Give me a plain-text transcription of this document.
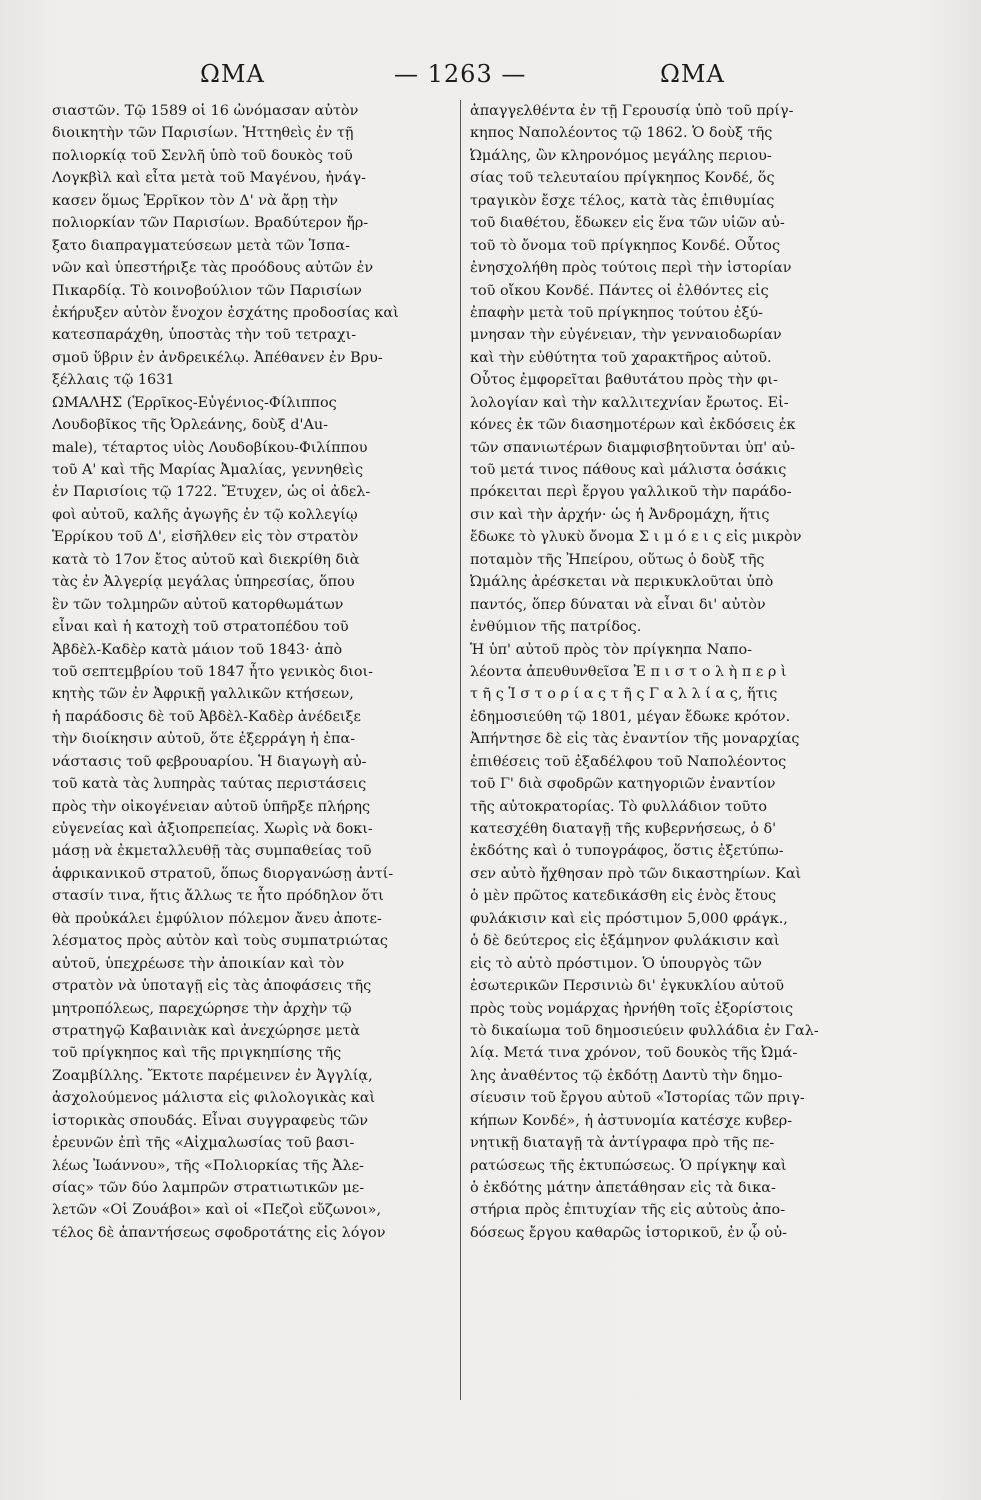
ΩΜΑ	— 1263 —	ΩΜΑ
σιαστῶν. Τῷ 1589 οἱ 16 ὠνόμασαν αὐτὸν
διοικητὴν τῶν Παρισίων. Ἡττηθεὶς ἐν τῇ
πολιορκίᾳ τοῦ Σενλῆ ὑπὸ τοῦ δουκὸς τοῦ
Λογκβὶλ καὶ εἶτα μετὰ τοῦ Μαγένου, ἠνάγ-
κασεν ὅμως Ἑρρῖκον τὸν Δ' νὰ ἄρῃ τὴν
πολιορκίαν τῶν Παρισίων. Βραδύτερον ἤρ-
ξατο διαπραγματεύσεων μετὰ τῶν Ἱσπα-
νῶν καὶ ὑπεστήριξε τὰς προόδους αὐτῶν ἐν
Πικαρδίᾳ. Τὸ κοινοβούλιον τῶν Παρισίων
ἐκήρυξεν αὐτὸν ἔνοχον ἐσχάτης προδοσίας καὶ
κατεσπαράχθη, ὑποστὰς τὴν τοῦ τετραχι-
σμοῦ ὕβριν ἐν ἀνδρεικέλῳ. Ἀπέθανεν ἐν Βρυ-
ξέλλαις τῷ 1631
ΩΜΑΛΗΣ (Ἑρρῖκος-Εὐγένιος-Φίλιππος
Λουδοβῖκος τῆς Ὀρλεάνης, δοὺξ d'Au-
male), τέταρτος υἱὸς Λουδοβίκου-Φιλίππου
τοῦ Α' καὶ τῆς Μαρίας Ἀμαλίας, γεννηθεὶς
ἐν Παρισίοις τῷ 1722. Ἔτυχεν, ὡς οἱ ἀδελ-
φοὶ αὐτοῦ, καλῆς ἀγωγῆς ἐν τῷ κολλεγίῳ
Ἑρρίκου τοῦ Δ', εἰσῆλθεν εἰς τὸν στρατὸν
κατὰ τὸ 17ον ἔτος αὐτοῦ καὶ διεκρίθη διὰ
τὰς ἐν Ἀλγερίᾳ μεγάλας ὑπηρεσίας, ὅπου
ἓν τῶν τολμηρῶν αὐτοῦ κατορθωμάτων
εἶναι καὶ ἡ κατοχὴ τοῦ στρατοπέδου τοῦ
Ἀβδὲλ-Καδὲρ κατὰ μάιον τοῦ 1843· ἀπὸ
τοῦ σεπτεμβρίου τοῦ 1847 ἦτο γενικὸς διοι-
κητὴς τῶν ἐν Ἀφρικῇ γαλλικῶν κτήσεων,
ἡ παράδοσις δὲ τοῦ Ἀβδὲλ-Καδὲρ ἀνέδειξε
τὴν διοίκησιν αὐτοῦ, ὅτε ἐξερράγη ἡ ἐπα-
νάστασις τοῦ φεβρουαρίου. Ἡ διαγωγὴ αὐ-
τοῦ κατὰ τὰς λυπηρὰς ταύτας περιστάσεις
πρὸς τὴν οἰκογένειαν αὐτοῦ ὑπῆρξε πλήρης
εὐγενείας καὶ ἀξιοπρεπείας. Χωρὶς νὰ δοκι-
μάσῃ νὰ ἐκμεταλλευθῇ τὰς συμπαθείας τοῦ
ἀφρικανικοῦ στρατοῦ, ὅπως διοργανώσῃ ἀντί-
στασίν τινα, ἥτις ἄλλως τε ἦτο πρόδηλον ὅτι
θὰ προὐκάλει ἐμφύλιον πόλεμον ἄνευ ἀποτε-
λέσματος πρὸς αὐτὸν καὶ τοὺς συμπατριώτας
αὐτοῦ, ὑπεχρέωσε τὴν ἀποικίαν καὶ τὸν
στρατὸν νὰ ὑποταγῇ εἰς τὰς ἀποφάσεις τῆς
μητροπόλεως, παρεχώρησε τὴν ἀρχὴν τῷ
στρατηγῷ Καβαινιὰκ καὶ ἀνεχώρησε μετὰ
τοῦ πρίγκηπος καὶ τῆς πριγκηπίσης τῆς
Ζοαμβίλλης. Ἔκτοτε παρέμεινεν ἐν Ἀγγλίᾳ,
ἀσχολούμενος μάλιστα εἰς φιλολογικὰς καὶ
ἱστορικὰς σπουδάς. Εἶναι συγγραφεὺς τῶν
ἐρευνῶν ἐπὶ τῆς «Αἰχμαλωσίας τοῦ βασι-
λέως Ἰωάννου», τῆς «Πολιορκίας τῆς Ἀλε-
σίας» τῶν δύο λαμπρῶν στρατιωτικῶν με-
λετῶν «Οἱ Ζουάβοι» καὶ οἱ «Πεζοὶ εὔζωνοι»,
τέλος δὲ ἀπαντήσεως σφοδροτάτης εἰς λόγον
ἀπαγγελθέντα ἐν τῇ Γερουσίᾳ ὑπὸ τοῦ πρίγ-
κηπος Ναπολέοντος τῷ 1862. Ὁ δοὺξ τῆς
Ὠμάλης, ὢν κληρονόμος μεγάλης περιου-
σίας τοῦ τελευταίου πρίγκηπος Κονδέ, ὅς
τραγικὸν ἔσχε τέλος, κατὰ τὰς ἐπιθυμίας
τοῦ διαθέτου, ἔδωκεν εἰς ἕνα τῶν υἱῶν αὐ-
τοῦ τὸ ὄνομα τοῦ πρίγκηπος Κονδέ. Οὗτος
ἐνησχολήθη πρὸς τούτοις περὶ τὴν ἱστορίαν
τοῦ οἴκου Κονδέ. Πάντες οἱ ἐλθόντες εἰς
ἐπαφὴν μετὰ τοῦ πρίγκηπος τούτου ἐξύ-
μνησαν τὴν εὐγένειαν, τὴν γενναιοδωρίαν
καὶ τὴν εὐθύτητα τοῦ χαρακτῆρος αὐτοῦ.
Οὗτος ἐμφορεῖται βαθυτάτου πρὸς τὴν φι-
λολογίαν καὶ τὴν καλλιτεχνίαν ἔρωτος. Εἰ-
κόνες ἐκ τῶν διασημοτέρων καὶ ἐκδόσεις ἐκ
τῶν σπανιωτέρων διαμφισβητοῦνται ὑπ' αὐ-
τοῦ μετά τινος πάθους καὶ μάλιστα ὁσάκις
πρόκειται περὶ ἔργου γαλλικοῦ τὴν παράδο-
σιν καὶ τὴν ἀρχήν· ὡς ἡ Ἀνδρομάχη, ἥτις
ἔδωκε τὸ γλυκὺ ὄνομα Σ ι μ ό ε ι ς εἰς μικρὸν
ποταμὸν τῆς Ἠπείρου, οὕτως ὁ δοὺξ τῆς
Ὠμάλης ἀρέσκεται νὰ περικυκλοῦται ὑπὸ
παντός, ὅπερ δύναται νὰ εἶναι δι' αὐτὸν
ἐνθύμιον τῆς πατρίδος.
Ἡ ὑπ' αὐτοῦ πρὸς τὸν πρίγκηπα Ναπο-
λέοντα ἀπευθυνθεῖσα Ἐ π ι σ τ ο λ ὴ π ε ρ ὶ
τ ῆ ς Ἱ σ τ ο ρ ί α ς τ ῆ ς Γ α λ λ ί α ς, ἥτις
ἐδημοσιεύθη τῷ 1801, μέγαν ἔδωκε κρότον.
Ἀπήντησε δὲ εἰς τὰς ἐναντίον τῆς μοναρχίας
ἐπιθέσεις τοῦ ἐξαδέλφου τοῦ Ναπολέοντος
τοῦ Γ' διὰ σφοδρῶν κατηγοριῶν ἐναντίον
τῆς αὐτοκρατορίας. Τὸ φυλλάδιον τοῦτο
κατεσχέθη διαταγῇ τῆς κυβερνήσεως, ὁ δ'
ἐκδότης καὶ ὁ τυπογράφος, ὅστις ἐξετύπω-
σεν αὐτὸ ἤχθησαν πρὸ τῶν δικαστηρίων. Καὶ
ὁ μὲν πρῶτος κατεδικάσθη εἰς ἑνὸς ἔτους
φυλάκισιν καὶ εἰς πρόστιμον 5,000 φράγκ.,
ὁ δὲ δεύτερος εἰς ἑξάμηνον φυλάκισιν καὶ
εἰς τὸ αὐτὸ πρόστιμον. Ὁ ὑπουργὸς τῶν
ἐσωτερικῶν Περσινιὼ δι' ἐγκυκλίου αὐτοῦ
πρὸς τοὺς νομάρχας ἠρνήθη τοῖς ἐξορίστοις
τὸ δικαίωμα τοῦ δημοσιεύειν φυλλάδια ἐν Γαλ-
λίᾳ. Μετά τινα χρόνον, τοῦ δουκὸς τῆς Ὠμά-
λης ἀναθέντος τῷ ἐκδότῃ Δαντὺ τὴν δημο-
σίευσιν τοῦ ἔργου αὐτοῦ «Ἱστορίας τῶν πριγ-
κήπων Κονδέ», ἡ ἀστυνομία κατέσχε κυβερ-
νητικῇ διαταγῇ τὰ ἀντίγραφα πρὸ τῆς πε-
ρατώσεως τῆς ἐκτυπώσεως. Ὁ πρίγκηψ καὶ
ὁ ἐκδότης μάτην ἀπετάθησαν εἰς τὰ δικα-
στήρια πρὸς ἐπιτυχίαν τῆς εἰς αὐτοὺς ἀπο-
δόσεως ἔργου καθαρῶς ἱστορικοῦ, ἐν ᾧ οὐ-
